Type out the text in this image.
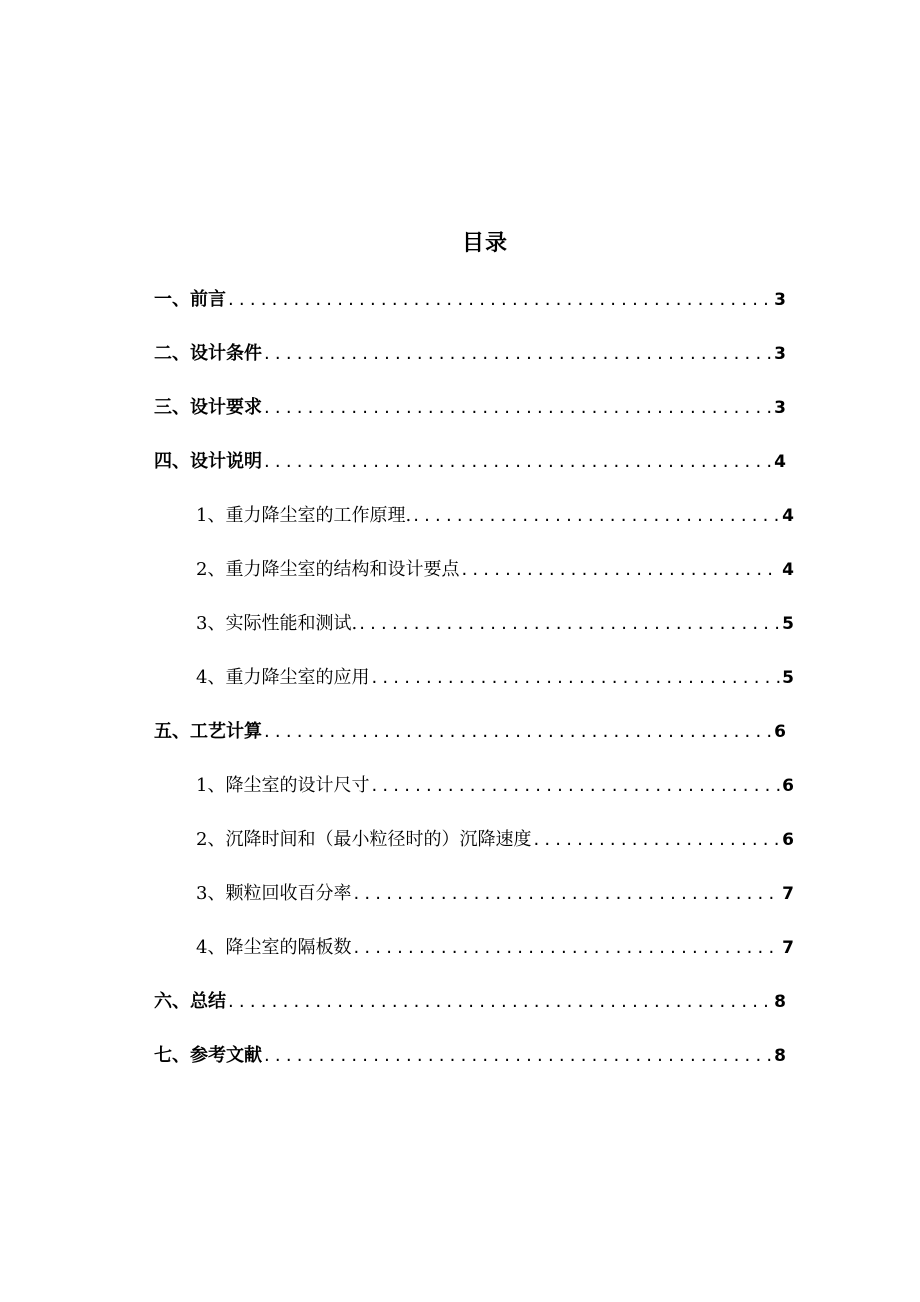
目录
一、前言 .....	3
二、设计条件 .....	3
三、设计要求 .....	3
四、设计说明 .....	4
1、重力降尘室的工作原理. .....	4
2、重力降尘室的结构和设计要点 .....	4
3、实际性能和测试. .....	5
4、重力降尘室的应用 .....	5
五、工艺计算 .....	6
1、降尘室的设计尺寸 .....	6
2、沉降时间和（最小粒径时的）沉降速度 .....	6
3、颗粒回收百分率 .....	7
4、降尘室的隔板数 .....	7
六、总结 .....	8
七、参考文献 .....	8
